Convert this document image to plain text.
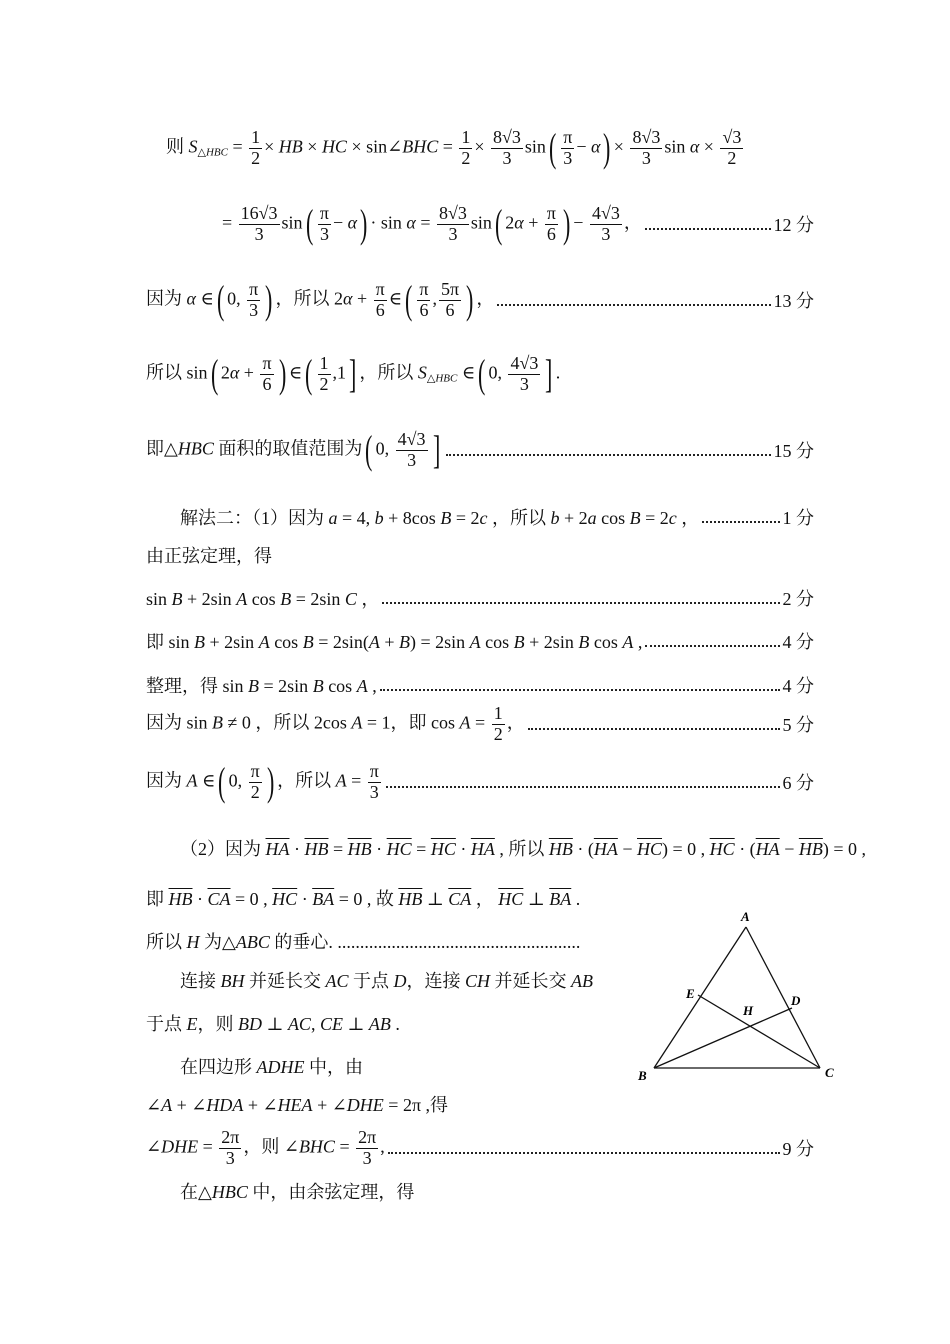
则 $S_{\triangle HBC} = \frac{1}{2}$ × HB × HC × sin∠BHC = $\frac{1}{2} \times \frac{8√3}{3} \sin( \frac{\pi}{3} - \alpha) \times \frac{8√3}{3}$ $\sin \alpha \times \frac{√3}{2}$
= $\frac{16√3}{3} \sin( \frac{\pi}{3} - \alpha) \cdot \sin \alpha = \frac{8√3}{3} \sin$( $2\alpha + \frac{\pi}{6}$ ) − $\frac{4√3}{3}$ ，	12 分
因为 α ∈( 0, $\frac{\pi}{3}$ ) ，所以 $2\alpha + \frac{\pi}{6}$ ∈( $\frac{\pi}{6}$ , $\frac{5\pi}{6}$ ) ，	13 分
所以 sin( $2\alpha + \frac{\pi}{6}$ ) ∈( $\frac{1}{2} ,1$] ，所以 $S_{\triangle HBC}$ ∈( 0, $\frac{4√3}{3}$ ] .
即△HBC 面积的取值范围为( 0, $\frac{4√3}{3}$ ]	15 分
解法二：（1）因为 a = 4, b + 8cos B = 2c ，所以 b + 2a cos B = 2c ，	1 分
由正弦定理，得
sin B + 2sin A cos B = 2sin C ，	2 分
即 sin B + 2sin A cos B = 2sin(A + B) = 2sin A cos B + 2sin B cos A ,	4 分
整理，得 sin B = 2sin B cos A ,	4 分
因为 sin B ≠ 0 ，所以 2cos A = 1，即 $\cos A = \frac{1}{2}$ ，	5 分
因为 A ∈( 0, $\frac{\pi}{2}$ ) ，所以 $A = \frac{\pi}{3}$	6 分
（2）因为 $\overline{HA} \cdot \overline{HB} = \overline{HB} \cdot \overline{HC} = \overline{HC} \cdot \overline{HA}$ , 所以 $\overline{HB} \cdot (\overline{HA} - \overline{HC}) = 0$ , $\overline{HC} \cdot (\overline{HA} - \overline{HB}) = 0$ ,
即 $\overline{HB} \cdot \overline{CA} = 0$ , $\overline{HC} \cdot \overline{BA} = 0$ , 故 $\overline{HB}$ ⊥ $\overline{CA}$ ， $\overline{HC}$ ⊥ $\overline{BA}$ .
所以 H 为△ABC 的垂心. ......................................................
连接 BH 并延长交 AC 于点 D，连接 CH 并延长交 AB
于点 E，则 BD ⊥ AC, CE ⊥ AB .
在四边形 ADHE 中，由
∠A + ∠HDA + ∠HEA + ∠DHE = 2π ,得
∠DHE = $\frac{2\pi}{3}$ ，则 ∠BHC = $\frac{2\pi}{3}$ ,	9 分
在△HBC 中，由余弦定理，得
A
B	C
D
E
H
